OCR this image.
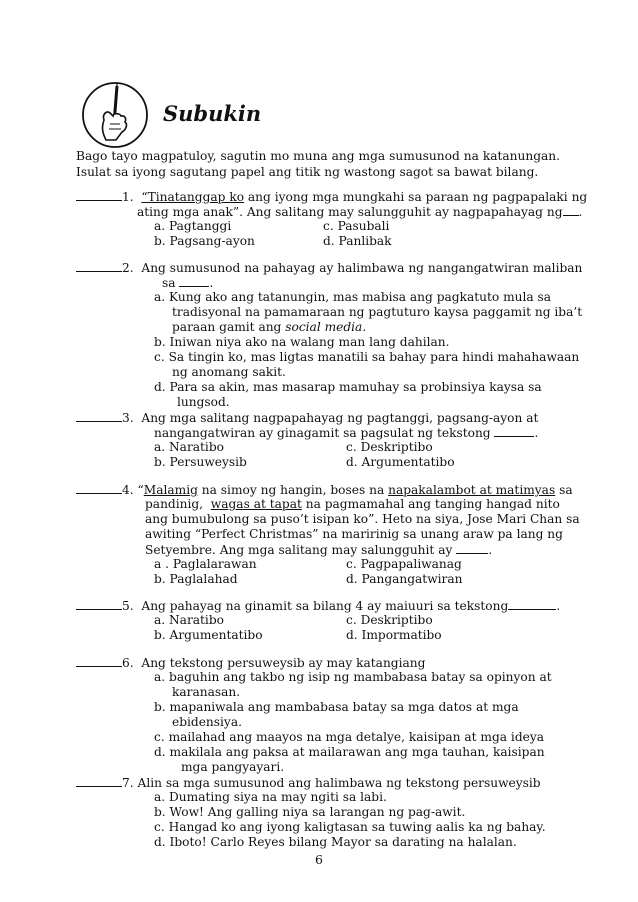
Subukin
Bago tayo magpatuloy, sagutin mo muna ang mga sumusunod na katanungan.
Isulat sa iyong sagutang papel ang titik ng wastong sagot sa bawat bilang.
1. “Tinatanggap ko ang iyong mga mungkahi sa paraan ng pagpapalaki ng
ating mga anak”. Ang salitang may salungguhit ay nagpapahayag ng .
a. Pagtanggi	c. Pasubali
b. Pagsang-ayon	d. Panlibak
2. Ang sumusunod na pahayag ay halimbawa ng nangangatwiran maliban
sa	.
a. Kung ako ang tatanungin, mas mabisa ang pagkatuto mula sa
tradisyonal na pamamaraan ng pagtuturo kaysa paggamit ng iba’t
paraan gamit ang social media.
b. Iniwan niya ako na walang man lang dahilan.
c. Sa tingin ko, mas ligtas manatili sa bahay para hindi mahahawaan
ng anomang sakit.
d. Para sa akin, mas masarap mamuhay sa probinsiya kaysa sa
lungsod.
3. Ang mga salitang nagpapahayag ng pagtanggi, pagsang-ayon at
nangangatwiran ay ginagamit sa pagsulat ng tekstong	.
a. Naratibo	c. Deskriptibo
b. Persuweysib	d. Argumentatibo
4. “Malamig na simoy ng hangin, boses na napakalambot at matimyas sa
pandinig,  wagas at tapat na pagmamahal ang tanging hangad nito
ang bumubulong sa puso’t isipan ko”. Heto na siya, Jose Mari Chan sa
awiting “Perfect Christmas” na maririnig sa unang araw pa lang ng
Setyembre. Ang mga salitang may salungguhit ay	.
a . Paglalarawan	c. Pagpapaliwanag
b. Paglalahad	d. Pangangatwiran
5. Ang pahayag na ginamit sa bilang 4 ay maiuuri sa tekstong	.
a. Naratibo	c. Deskriptibo
b. Argumentatibo	d. Impormatibo
6. Ang tekstong persuweysib ay may katangiang
a. baguhin ang takbo ng isip ng mambabasa batay sa opinyon at
karanasan.
b. mapaniwala ang mambabasa batay sa mga datos at mga
ebidensiya.
c. mailahad ang maayos na mga detalye, kaisipan at mga ideya
d. makilala ang paksa at mailarawan ang mga tauhan, kaisipan
mga pangyayari.
7. Alin sa mga sumusunod ang halimbawa ng tekstong persuweysib
a. Dumating siya na may ngiti sa labi.
b. Wow! Ang galling niya sa larangan ng pag-awit.
c. Hangad ko ang iyong kaligtasan sa tuwing aalis ka ng bahay.
d. Iboto! Carlo Reyes bilang Mayor sa darating na halalan.
6
